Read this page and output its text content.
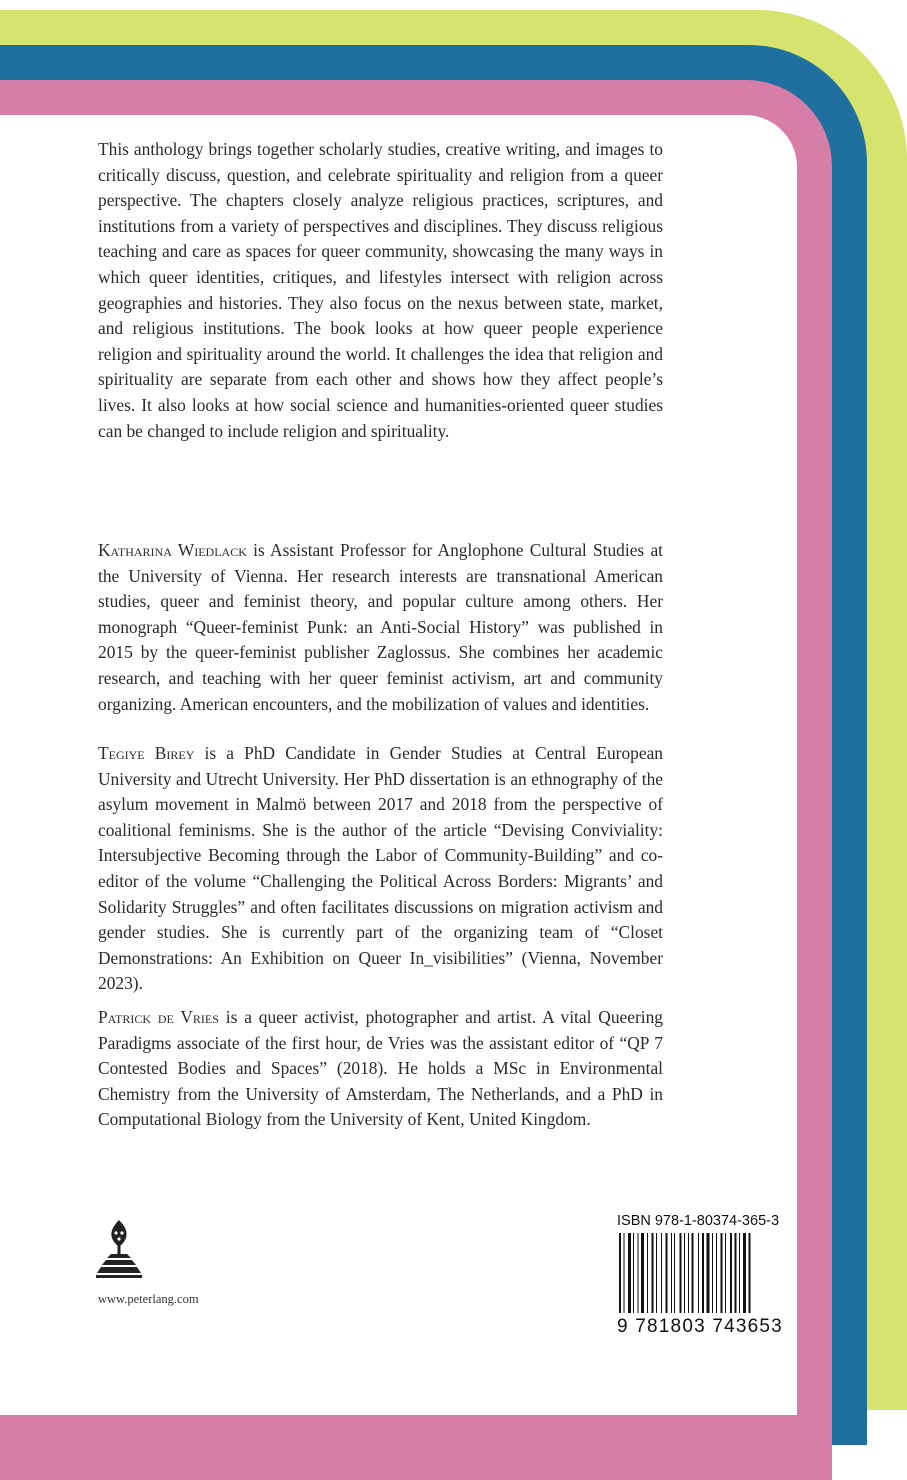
This anthology brings together scholarly studies, creative writing, and images to critically discuss, question, and celebrate spirituality and religion from a queer perspective. The chapters closely analyze religious practices, scriptures, and institutions from a variety of perspectives and disciplines. They discuss religious teaching and care as spaces for queer community, showcasing the many ways in which queer identities, critiques, and lifestyles intersect with religion across geographies and histories. They also focus on the nexus between state, market, and religious institutions. The book looks at how queer people experience religion and spirituality around the world. It challenges the idea that religion and spirituality are separate from each other and shows how they affect people’s lives. It also looks at how social science and humanities-oriented queer studies can be changed to include religion and spirituality.

Katharina Wiedlack is Assistant Professor for Anglophone Cultural Studies at the University of Vienna. Her research interests are transnational American studies, queer and feminist theory, and popular culture among others. Her monograph “Queer-feminist Punk: an Anti-Social History” was published in 2015 by the queer-feminist publisher Zaglossus. She combines her academic research, and teaching with her queer feminist activism, art and community organizing. American encounters, and the mobilization of values and identities.

Tegiye Birey is a PhD Candidate in Gender Studies at Central European University and Utrecht University. Her PhD dissertation is an ethnography of the asylum movement in Malmö between 2017 and 2018 from the perspective of coalitional feminisms. She is the author of the article “Devising Conviviality: Intersubjective Becoming through the Labor of Community-Building” and co-editor of the volume “Challenging the Political Across Borders: Migrants’ and Solidarity Struggles” and often facilitates discussions on migration activism and gender studies. She is currently part of the organizing team of “Closet Demonstrations: An Exhibition on Queer In_visibilities” (Vienna, November 2023).

Patrick de Vries is a queer activist, photographer and artist. A vital Queering Paradigms associate of the first hour, de Vries was the assistant editor of “QP 7 Contested Bodies and Spaces” (2018). He holds a MSc in Environmental Chemistry from the University of Amsterdam, The Netherlands, and a PhD in Computational Biology from the University of Kent, United Kingdom.

www.peterlang.com
ISBN 978-1-80374-365-3
9 781803 743653
